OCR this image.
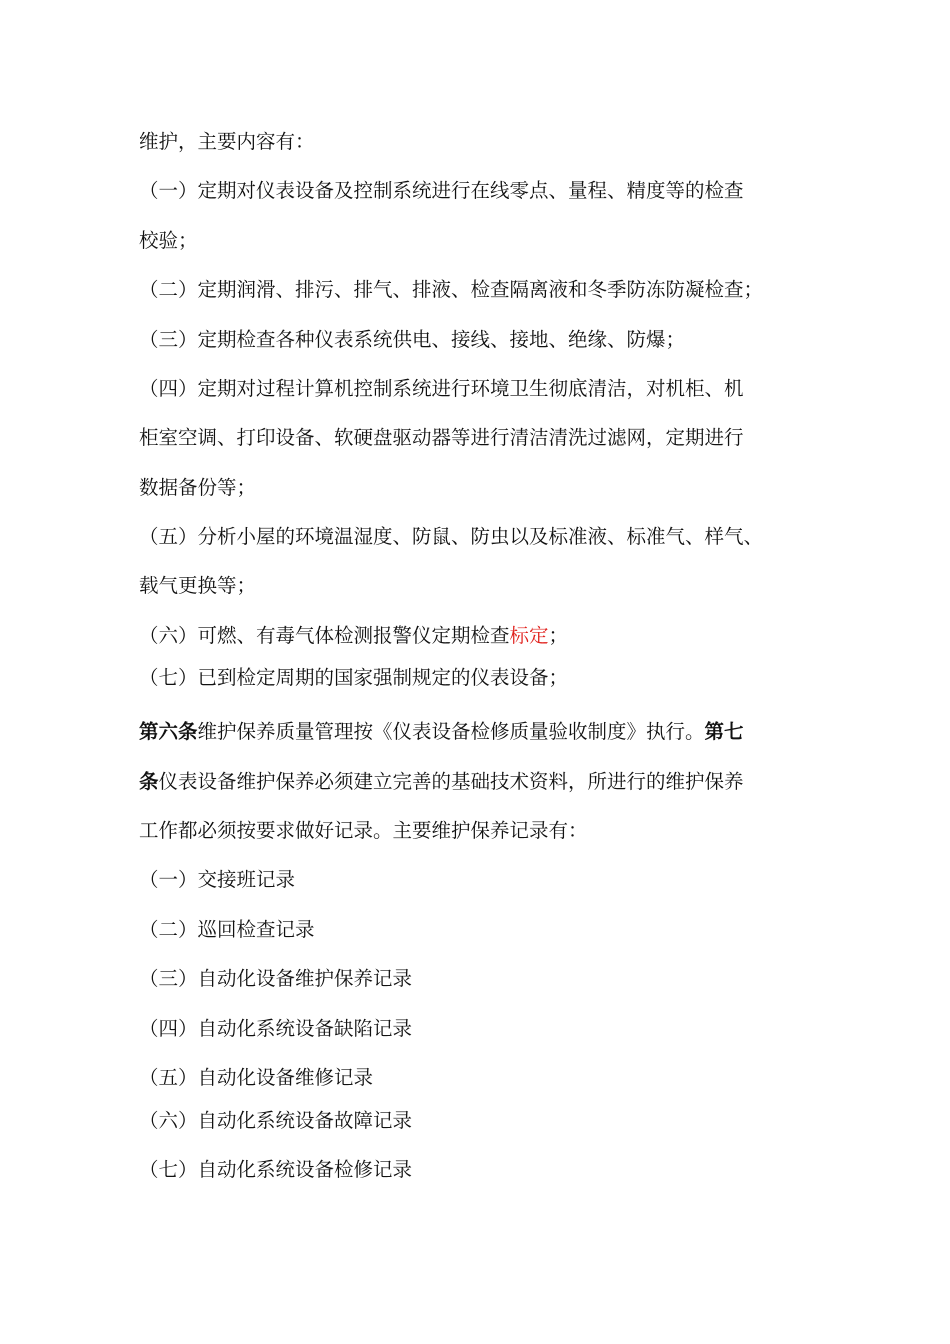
维护，主要内容有：
（一）定期对仪表设备及控制系统进行在线零点、量程、精度等的检查
校验；
（二）定期润滑、排污、排气、排液、检查隔离液和冬季防冻防凝检查；
（三）定期检查各种仪表系统供电、接线、接地、绝缘、防爆；
（四）定期对过程计算机控制系统进行环境卫生彻底清洁，对机柜、机
柜室空调、打印设备、软硬盘驱动器等进行清洁清洗过滤网，定期进行
数据备份等；
（五）分析小屋的环境温湿度、防鼠、防虫以及标准液、标准气、样气、
载气更换等；
（六）可燃、有毒气体检测报警仪定期检查标定；
（七）已到检定周期的国家强制规定的仪表设备；
第六条维护保养质量管理按《仪表设备检修质量验收制度》执行。第七
条仪表设备维护保养必须建立完善的基础技术资料，所进行的维护保养
工作都必须按要求做好记录。主要维护保养记录有：
（一）交接班记录
（二）巡回检查记录
（三）自动化设备维护保养记录
（四）自动化系统设备缺陷记录
（五）自动化设备维修记录
（六）自动化系统设备故障记录
（七）自动化系统设备检修记录
